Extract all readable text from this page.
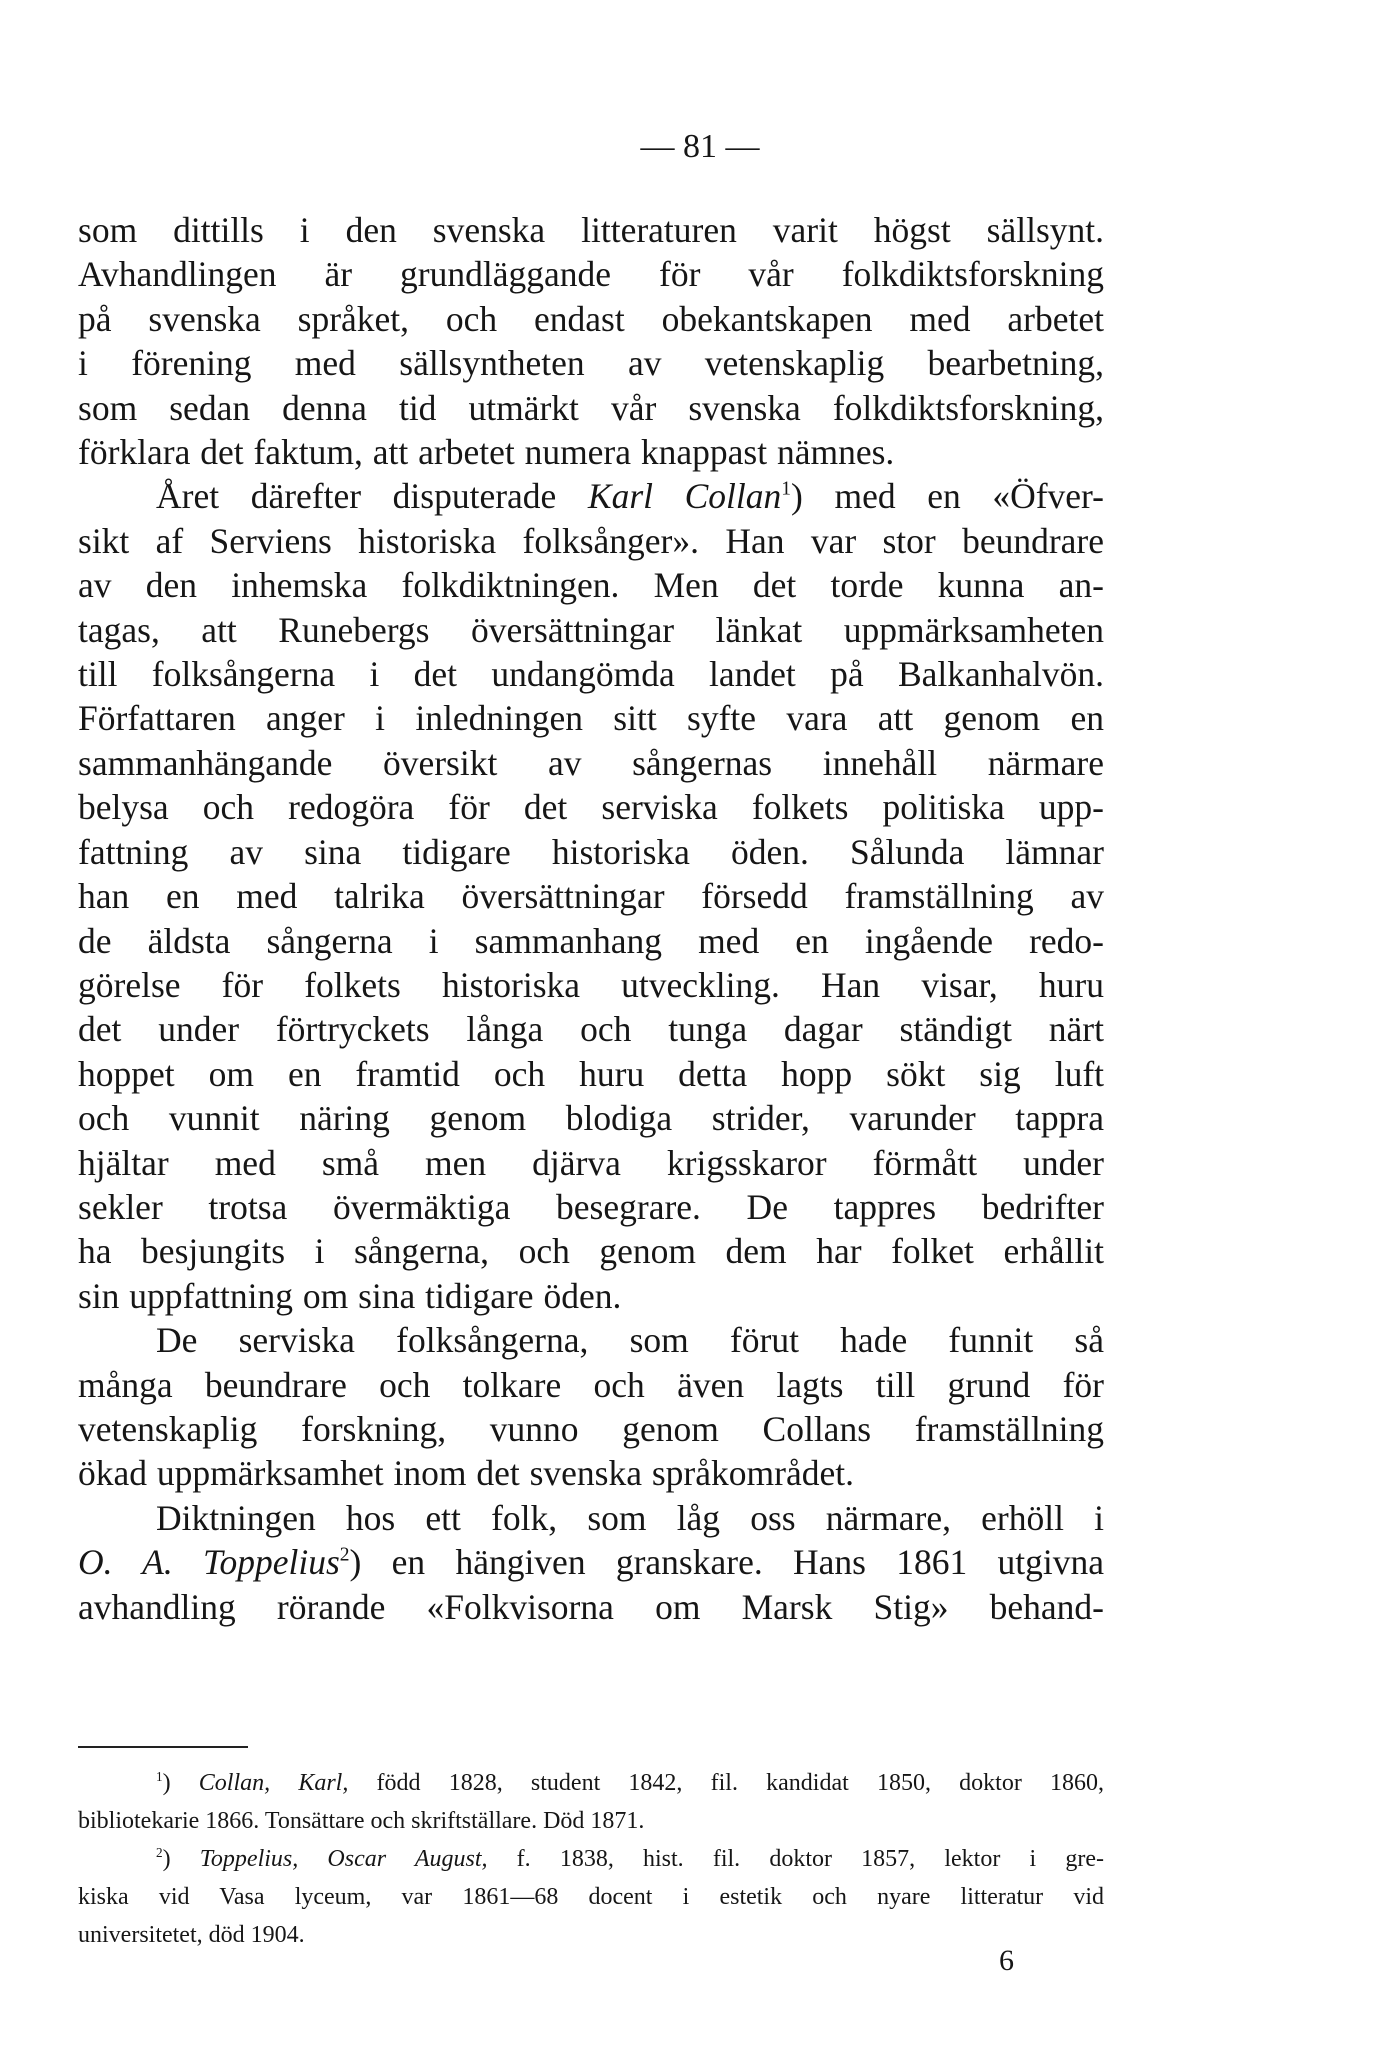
— 81 —
som dittills i den svenska litteraturen varit högst sällsynt.
Avhandlingen är grundläggande för vår folkdiktsforskning
på svenska språket, och endast obekantskapen med arbetet
i förening med sällsyntheten av vetenskaplig bearbetning,
som sedan denna tid utmärkt vår svenska folkdiktsforskning,
förklara det faktum, att arbetet numera knappast nämnes.
Året därefter disputerade Karl Collan$^1$) med en «Öfver-
sikt af Serviens historiska folksånger». Han var stor beundrare
av den inhemska folkdiktningen. Men det torde kunna an-
tagas, att Runebergs översättningar länkat uppmärksamheten
till folksångerna i det undangömda landet på Balkanhalvön.
Författaren anger i inledningen sitt syfte vara att genom en
sammanhängande översikt av sångernas innehåll närmare
belysa och redogöra för det serviska folkets politiska upp-
fattning av sina tidigare historiska öden. Sålunda lämnar
han en med talrika översättningar försedd framställning av
de äldsta sångerna i sammanhang med en ingående redo-
görelse för folkets historiska utveckling. Han visar, huru
det under förtryckets långa och tunga dagar ständigt närt
hoppet om en framtid och huru detta hopp sökt sig luft
och vunnit näring genom blodiga strider, varunder tappra
hjältar med små men djärva krigsskaror förmått under
sekler trotsa övermäktiga besegrare. De tappres bedrifter
ha besjungits i sångerna, och genom dem har folket erhållit
sin uppfattning om sina tidigare öden.
De serviska folksångerna, som förut hade funnit så
många beundrare och tolkare och även lagts till grund för
vetenskaplig forskning, vunno genom Collans framställning
ökad uppmärksamhet inom det svenska språkområdet.
Diktningen hos ett folk, som låg oss närmare, erhöll i
O. A. Toppelius$^2$) en hängiven granskare. Hans 1861 utgivna
avhandling rörande «Folkvisorna om Marsk Stig» behand-
$^1$) Collan, Karl, född 1828, student 1842, fil. kandidat 1850, doktor 1860,
bibliotekarie 1866. Tonsättare och skriftställare. Död 1871.
$^2$) Toppelius, Oscar August, f. 1838, hist. fil. doktor 1857, lektor i gre-
kiska vid Vasa lyceum, var 1861—68 docent i estetik och nyare litteratur vid
universitetet, död 1904.
6
